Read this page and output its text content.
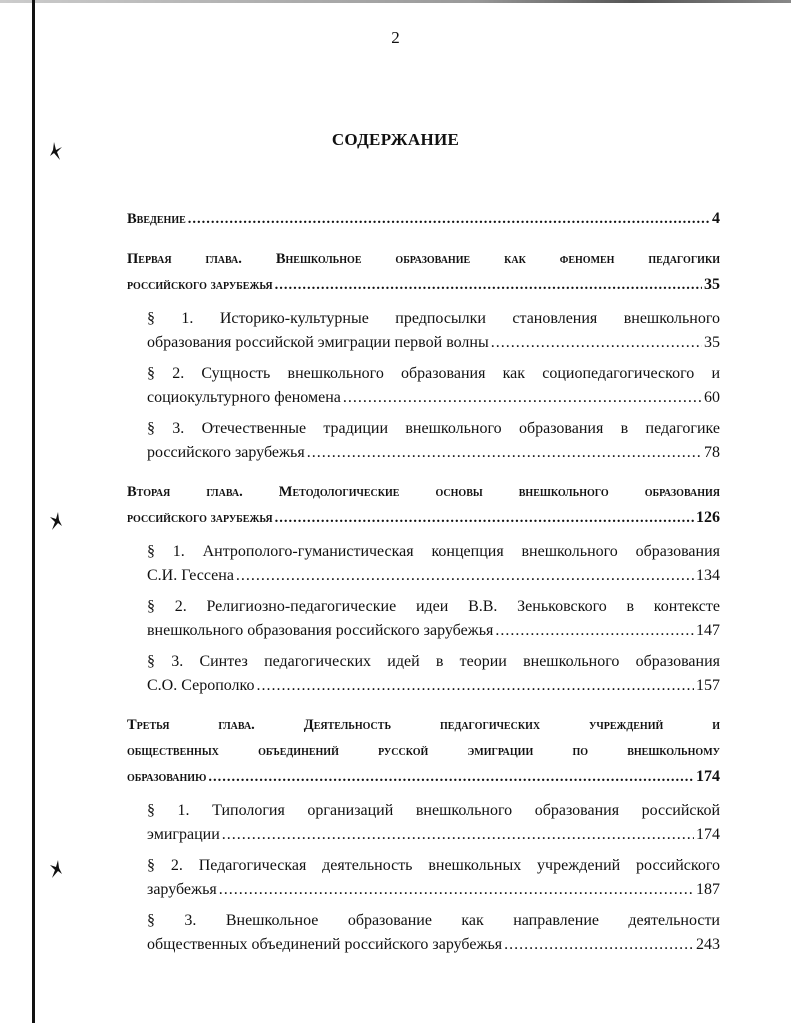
2
СОДЕРЖАНИЕ
Введение .....	4
Первая глава. Внешкольное образование как феномен педагогики
российского зарубежья .....	35
§ 1. Историко-культурные предпосылки становления внешкольного
образования российской эмиграции первой волны .....	35
§ 2. Сущность внешкольного образования как социопедагогического и
социокультурного феномена .....	60
§ 3. Отечественные традиции внешкольного образования в педагогике
российского зарубежья .....	78
Вторая глава. Методологические основы внешкольного образования
российского зарубежья .....	126
§ 1. Антрополого-гуманистическая концепция внешкольного образования
С.И. Гессена .....	134
§ 2. Религиозно-педагогические идеи В.В. Зеньковского в контексте
внешкольного образования российского зарубежья .....	147
§ 3. Синтез педагогических идей в теории внешкольного образования
С.О. Серополко .....	157
Третья глава. Деятельность педагогических учреждений и
общественных объединений русской эмиграции по внешкольному
образованию .....	174
§ 1. Типология организаций внешкольного образования российской
эмиграции .....	174
§ 2. Педагогическая деятельность внешкольных учреждений российского
зарубежья .....	187
§ 3. Внешкольное образование как направление деятельности
общественных объединений российского зарубежья .....	243
